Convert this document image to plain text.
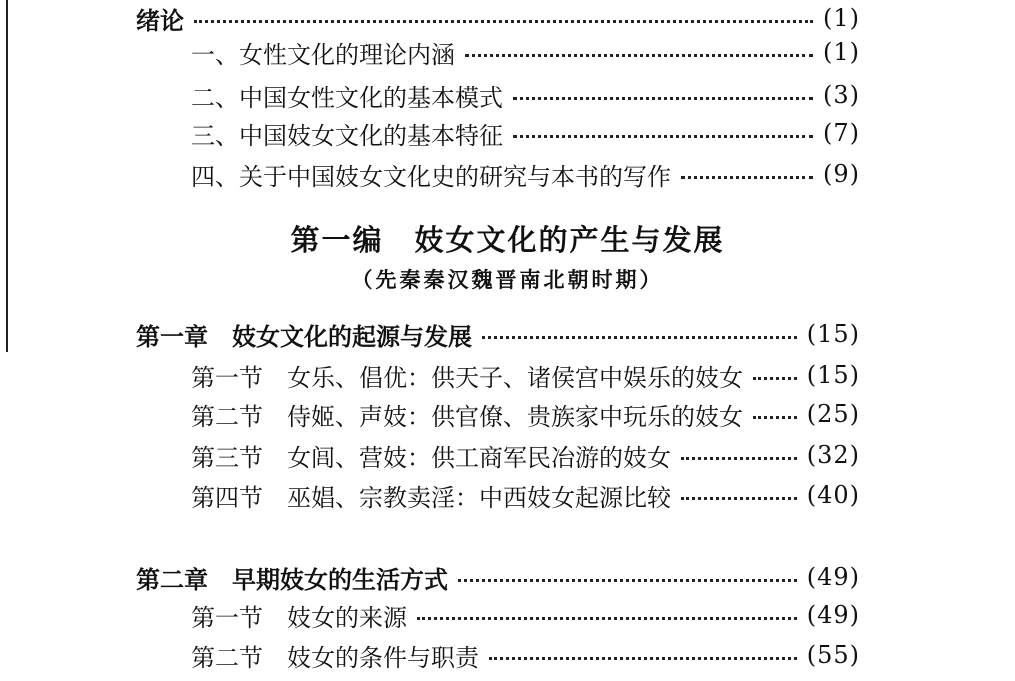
绪论	(1)
一、女性文化的理论内涵	(1)
二、中国女性文化的基本模式	(3)
三、中国妓女文化的基本特征	(7)
四、关于中国妓女文化史的研究与本书的写作	(9)
第一编　妓女文化的产生与发展
（先秦秦汉魏晋南北朝时期）
第一章　妓女文化的起源与发展	(15)
第一节　女乐、倡优：供天子、诸侯宫中娱乐的妓女	(15)
第二节　侍姬、声妓：供官僚、贵族家中玩乐的妓女	(25)
第三节　女闾、营妓：供工商军民冶游的妓女	(32)
第四节　巫娼、宗教卖淫：中西妓女起源比较	(40)
第二章　早期妓女的生活方式	(49)
第一节　妓女的来源	(49)
第二节　妓女的条件与职责	(55)
